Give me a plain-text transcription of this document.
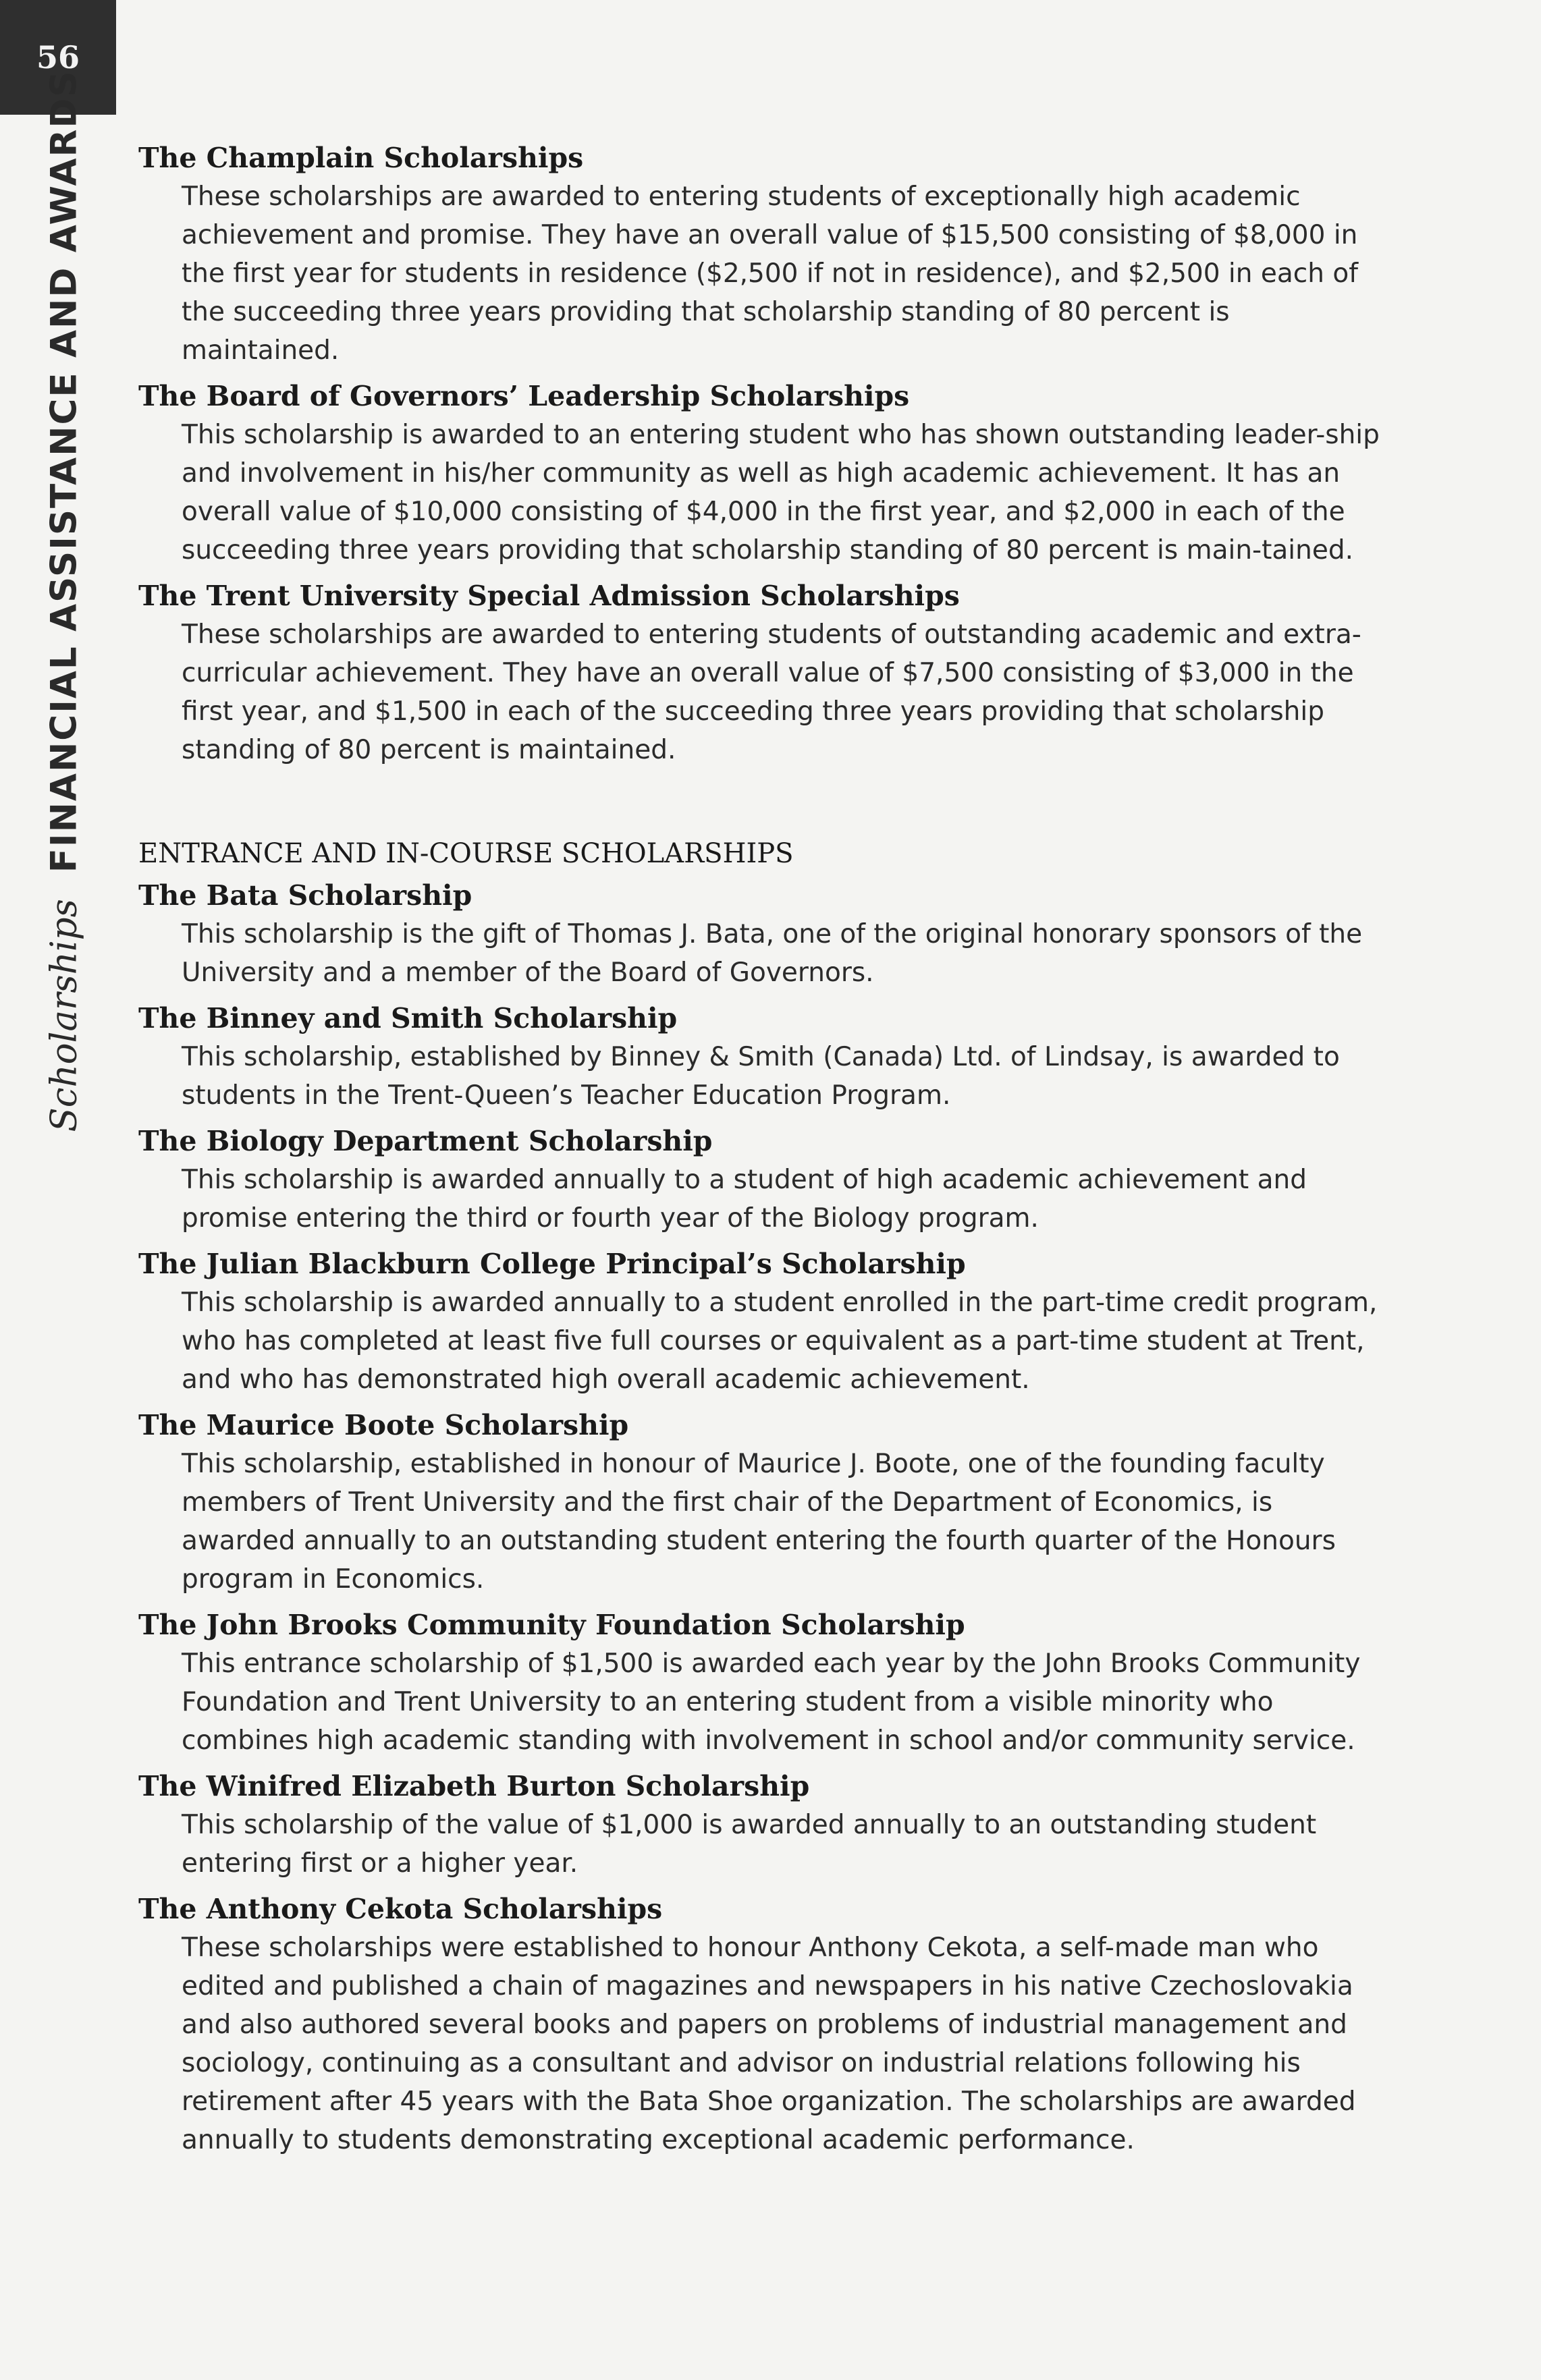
56
Scholarships FINANCIAL ASSISTANCE AND AWARDS The Champlain Scholarships

These scholarships are awarded to entering students of exceptionally high academic achievement and promise. They have an overall value of $15,500 consisting of $8,000 in the first year for students in residence ($2,500 if not in residence), and $2,500 in each of the succeeding three years providing that scholarship standing of 80 percent is maintained.

The Board of Governors’ Leadership Scholarships

This scholarship is awarded to an entering student who has shown outstanding leader-ship and involvement in his/her community as well as high academic achievement. It has an overall value of $10,000 consisting of $4,000 in the first year, and $2,000 in each of the succeeding three years providing that scholarship standing of 80 percent is main-tained.

The Trent University Special Admission Scholarships

These scholarships are awarded to entering students of outstanding academic and extra-curricular achievement. They have an overall value of $7,500 consisting of $3,000 in the first year, and $1,500 in each of the succeeding three years providing that scholarship standing of 80 percent is maintained.

ENTRANCE AND IN-COURSE SCHOLARSHIPS

The Bata Scholarship

This scholarship is the gift of Thomas J. Bata, one of the original honorary sponsors of the University and a member of the Board of Governors.

The Binney and Smith Scholarship

This scholarship, established by Binney & Smith (Canada) Ltd. of Lindsay, is awarded to students in the Trent-Queen’s Teacher Education Program.

The Biology Department Scholarship

This scholarship is awarded annually to a student of high academic achievement and promise entering the third or fourth year of the Biology program.

The Julian Blackburn College Principal’s Scholarship

This scholarship is awarded annually to a student enrolled in the part-time credit program, who has completed at least five full courses or equivalent as a part-time student at Trent, and who has demonstrated high overall academic achievement.

The Maurice Boote Scholarship

This scholarship, established in honour of Maurice J. Boote, one of the founding faculty members of Trent University and the first chair of the Department of Economics, is awarded annually to an outstanding student entering the fourth quarter of the Honours program in Economics.

The John Brooks Community Foundation Scholarship

This entrance scholarship of $1,500 is awarded each year by the John Brooks Community Foundation and Trent University to an entering student from a visible minority who combines high academic standing with involvement in school and/or community service.

The Winifred Elizabeth Burton Scholarship

This scholarship of the value of $1,000 is awarded annually to an outstanding student entering first or a higher year.

The Anthony Cekota Scholarships

These scholarships were established to honour Anthony Cekota, a self-made man who edited and published a chain of magazines and newspapers in his native Czechoslovakia and also authored several books and papers on problems of industrial management and sociology, continuing as a consultant and advisor on industrial relations following his retirement after 45 years with the Bata Shoe organization. The scholarships are awarded annually to students demonstrating exceptional academic performance.
